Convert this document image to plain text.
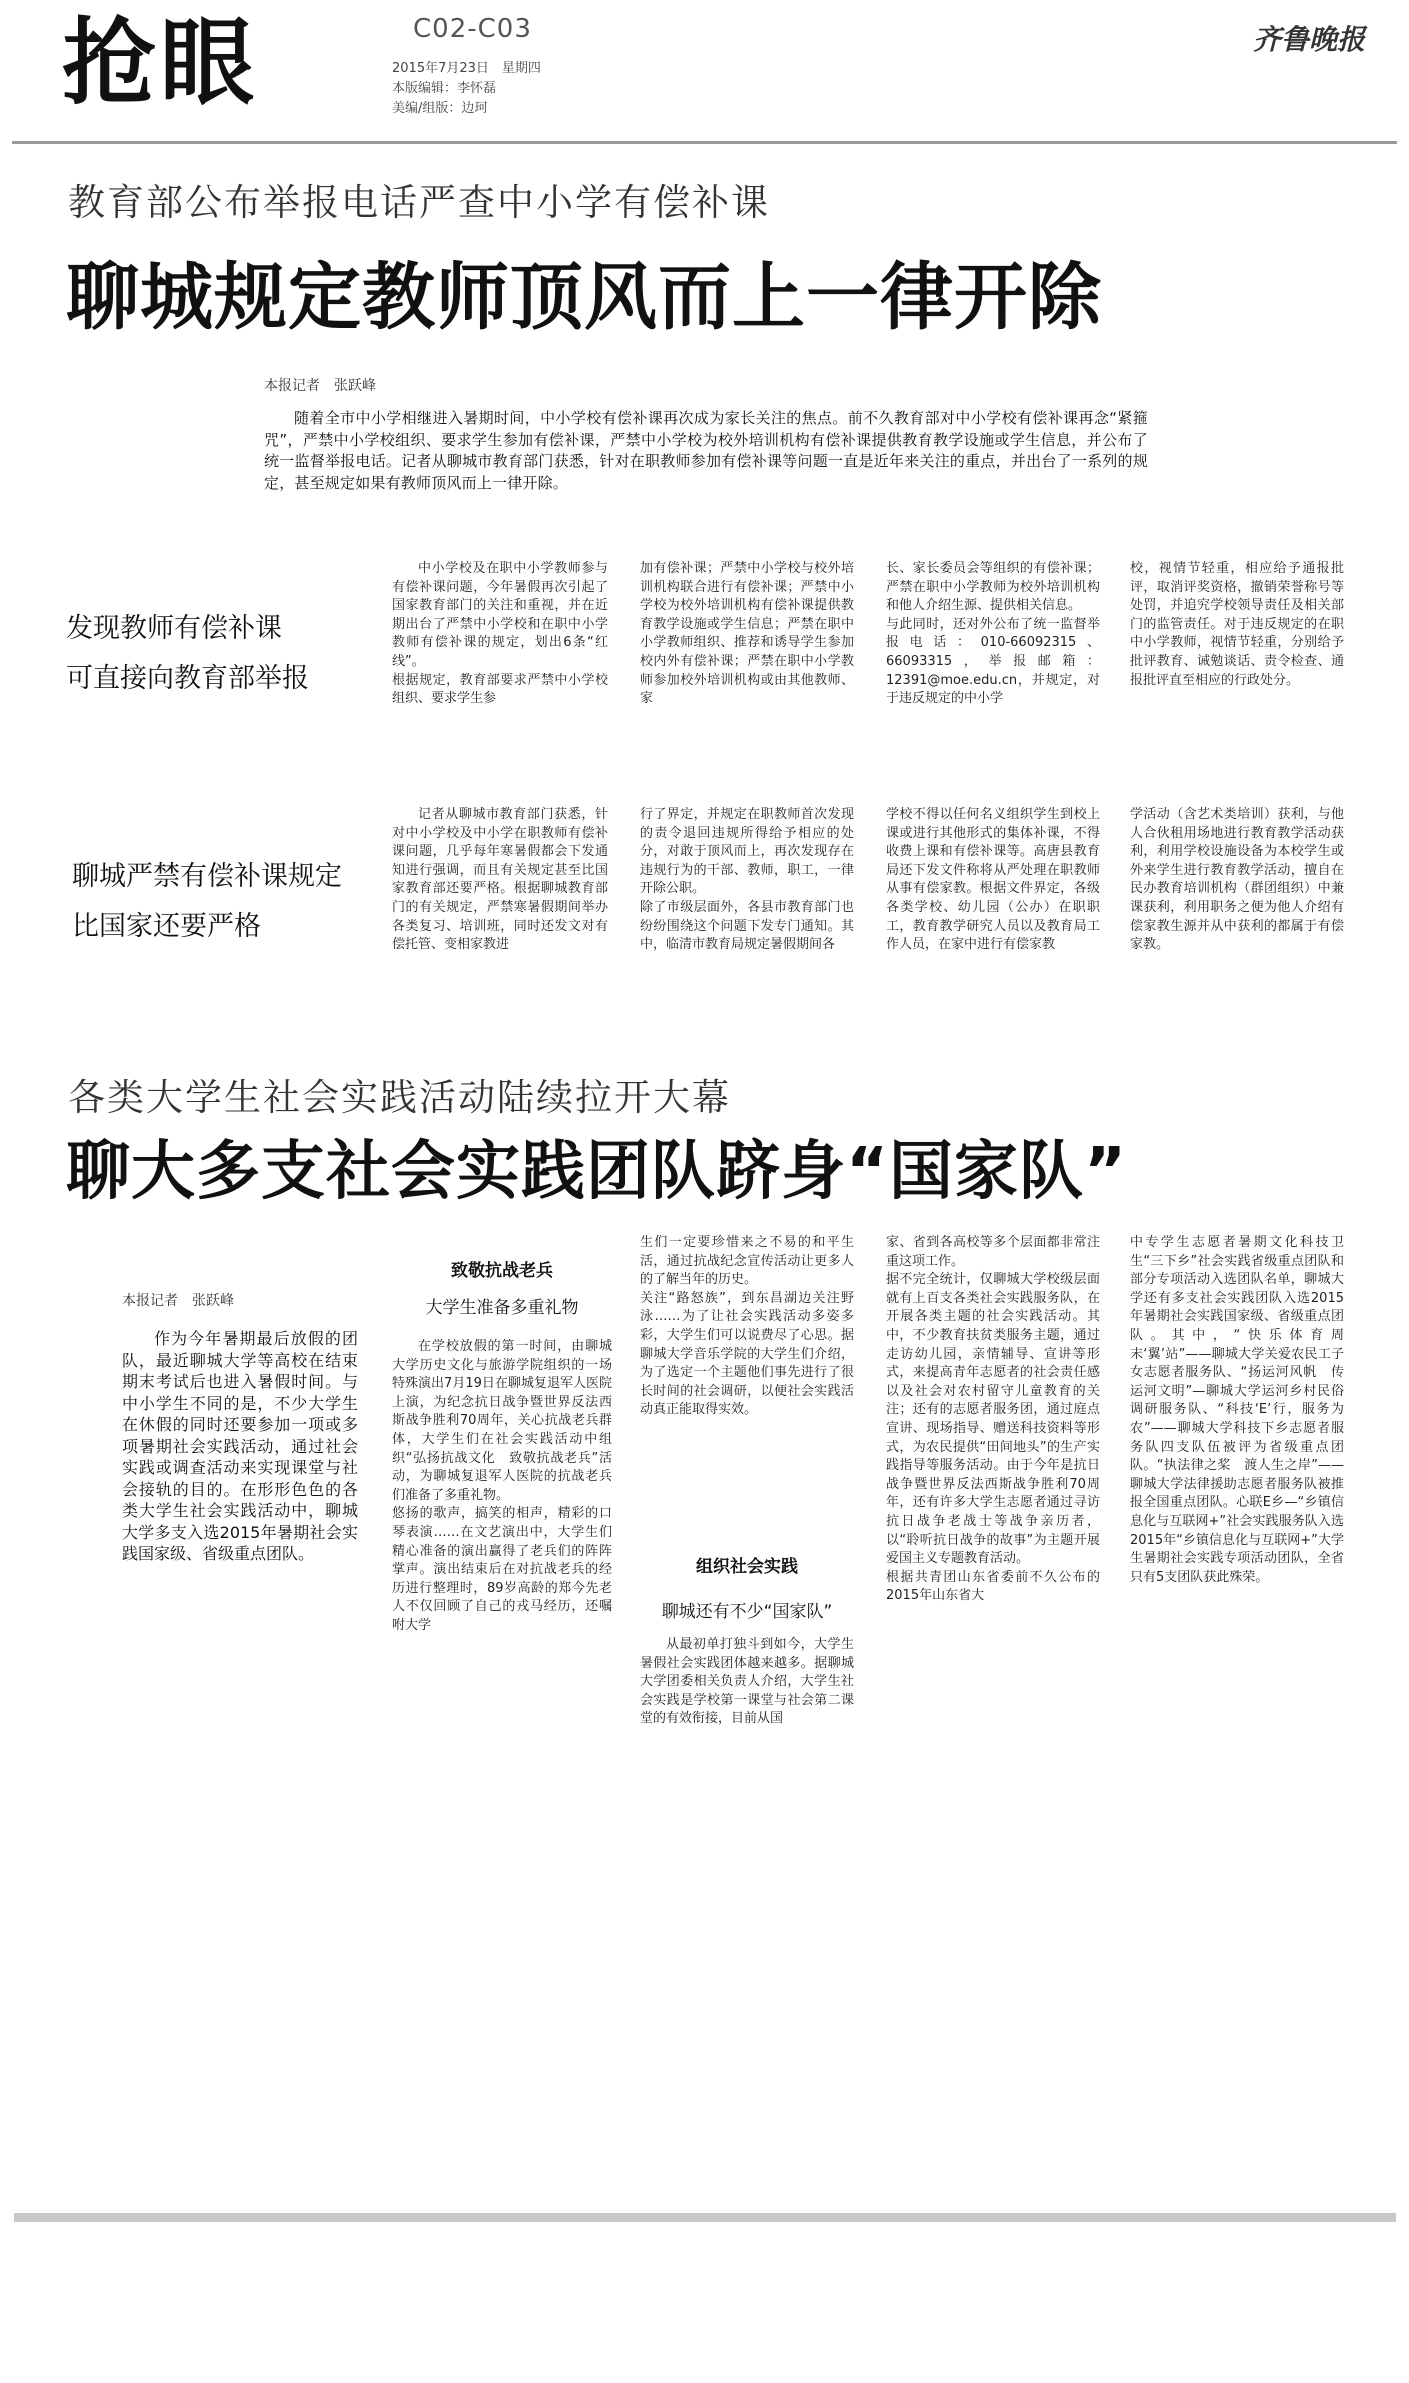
抢眼	C02-C03
2015年7月23日　星期四
本版编辑：李怀磊
美编/组版：边珂
齐鲁晚报
教育部公布举报电话严查中小学有偿补课
聊城规定教师顶风而上一律开除
本报记者　张跃峰
随着全市中小学相继进入暑期时间，中小学校有偿补课再次成为家长关注的焦点。前不久教育部对中小学校有偿补课再念“紧箍咒”，严禁中小学校组织、要求学生参加有偿补课，严禁中小学校为校外培训机构有偿补课提供教育教学设施或学生信息，并公布了统一监督举报电话。记者从聊城市教育部门获悉，针对在职教师参加有偿补课等问题一直是近年来关注的重点，并出台了一系列的规定，甚至规定如果有教师顶风而上一律开除。
发现教师有偿补课
可直接向教育部举报
中小学校及在职中小学教师参与有偿补课问题，今年暑假再次引起了国家教育部门的关注和重视，并在近期出台了严禁中小学校和在职中小学教师有偿补课的规定，划出6条“红线”。
根据规定，教育部要求严禁中小学校组织、要求学生参
加有偿补课；严禁中小学校与校外培训机构联合进行有偿补课；严禁中小学校为校外培训机构有偿补课提供教育教学设施或学生信息；严禁在职中小学教师组织、推荐和诱导学生参加校内外有偿补课；严禁在职中小学教师参加校外培训机构或由其他教师、家
长、家长委员会等组织的有偿补课；严禁在职中小学教师为校外培训机构和他人介绍生源、提供相关信息。
与此同时，还对外公布了统一监督举报电话：010-66092315、66093315，举报邮箱：12391@moe.edu.cn，并规定，对于违反规定的中小学
校，视情节轻重，相应给予通报批评，取消评奖资格，撤销荣誉称号等处罚，并追究学校领导责任及相关部门的监管责任。对于违反规定的在职中小学教师，视情节轻重，分别给予批评教育、诫勉谈话、责令检查、通报批评直至相应的行政处分。
聊城严禁有偿补课规定
比国家还要严格
记者从聊城市教育部门获悉，针对中小学校及中小学在职教师有偿补课问题，几乎每年寒暑假都会下发通知进行强调，而且有关规定甚至比国家教育部还要严格。根据聊城教育部门的有关规定，严禁寒暑假期间举办各类复习、培训班，同时还发文对有偿托管、变相家教进
行了界定，并规定在职教师首次发现的责令退回违规所得给予相应的处分，对敢于顶风而上，再次发现存在违规行为的干部、教师，职工，一律开除公职。
除了市级层面外，各县市教育部门也纷纷围绕这个问题下发专门通知。其中，临清市教育局规定暑假期间各
学校不得以任何名义组织学生到校上课或进行其他形式的集体补课，不得收费上课和有偿补课等。高唐县教育局还下发文件称将从严处理在职教师从事有偿家教。根据文件界定，各级各类学校、幼儿园（公办）在职职工，教育教学研究人员以及教育局工作人员，在家中进行有偿家教
学活动（含艺术类培训）获利，与他人合伙租用场地进行教育教学活动获利，利用学校设施设备为本校学生或外来学生进行教育教学活动，擅自在民办教育培训机构（群团组织）中兼课获利，利用职务之便为他人介绍有偿家教生源并从中获利的都属于有偿家教。
各类大学生社会实践活动陆续拉开大幕
聊大多支社会实践团队跻身“国家队”
本报记者　张跃峰
作为今年暑期最后放假的团队，最近聊城大学等高校在结束期末考试后也进入暑假时间。与中小学生不同的是，不少大学生在休假的同时还要参加一项或多项暑期社会实践活动，通过社会实践或调查活动来实现课堂与社会接轨的目的。在形形色色的各类大学生社会实践活动中，聊城大学多支入选2015年暑期社会实践国家级、省级重点团队。
致敬抗战老兵
大学生准备多重礼物
在学校放假的第一时间，由聊城大学历史文化与旅游学院组织的一场特殊演出7月19日在聊城复退军人医院上演，为纪念抗日战争暨世界反法西斯战争胜利70周年，关心抗战老兵群体，大学生们在社会实践活动中组织“弘扬抗战文化　致敬抗战老兵”活动，为聊城复退军人医院的抗战老兵们准备了多重礼物。
悠扬的歌声，搞笑的相声，精彩的口琴表演……在文艺演出中，大学生们精心准备的演出赢得了老兵们的阵阵掌声。演出结束后在对抗战老兵的经历进行整理时，89岁高龄的郑今先老人不仅回顾了自己的戎马经历，还嘱咐大学
生们一定要珍惜来之不易的和平生活，通过抗战纪念宣传活动让更多人的了解当年的历史。
关注“路怒族”，到东昌湖边关注野泳……为了让社会实践活动多姿多彩，大学生们可以说费尽了心思。据聊城大学音乐学院的大学生们介绍，为了选定一个主题他们事先进行了很长时间的社会调研，以便社会实践活动真正能取得实效。
组织社会实践
聊城还有不少“国家队”
从最初单打独斗到如今，大学生暑假社会实践团体越来越多。据聊城大学团委相关负责人介绍，大学生社会实践是学校第一课堂与社会第二课堂的有效衔接，目前从国
家、省到各高校等多个层面都非常注重这项工作。
据不完全统计，仅聊城大学校级层面就有上百支各类社会实践服务队，在开展各类主题的社会实践活动。其中，不少教育扶贫类服务主题，通过走访幼儿园，亲情辅导、宣讲等形式，来提高青年志愿者的社会责任感以及社会对农村留守儿童教育的关注；还有的志愿者服务团，通过庭点宣讲、现场指导、赠送科技资料等形式，为农民提供“田间地头”的生产实践指导等服务活动。由于今年是抗日战争暨世界反法西斯战争胜利70周年，还有许多大学生志愿者通过寻访抗日战争老战士等战争亲历者，以“聆听抗日战争的故事”为主题开展爱国主义专题教育活动。
根据共青团山东省委前不久公布的2015年山东省大
中专学生志愿者暑期文化科技卫生“三下乡”社会实践省级重点团队和部分专项活动入选团队名单，聊城大学还有多支社会实践团队入选2015年暑期社会实践国家级、省级重点团队。其中，“快乐体育周末‘翼’站”——聊城大学关爱农民工子女志愿者服务队、“扬运河风帆　传运河文明”—聊城大学运河乡村民俗调研服务队、“科技‘E’行，服务为农”——聊城大学科技下乡志愿者服务队四支队伍被评为省级重点团队。“执法律之桨　渡人生之岸”——聊城大学法律援助志愿者服务队被推报全国重点团队。心联E乡—“乡镇信息化与互联网+”社会实践服务队入选2015年“乡镇信息化与互联网+”大学生暑期社会实践专项活动团队，全省只有5支团队获此殊荣。
